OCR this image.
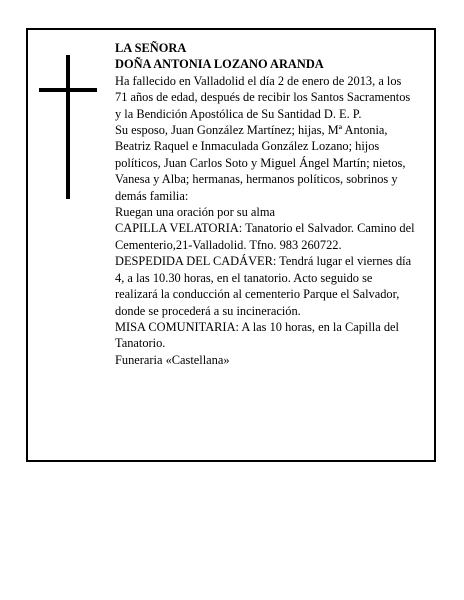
LA SEÑORA

DOÑA ANTONIA LOZANO ARANDA

Ha fallecido en Valladolid el día 2 de enero de 2013, a los 71 años de edad, después de recibir los Santos Sacramentos y la Bendición Apostólica de Su Santidad D. E. P.

Su esposo, Juan González Martínez; hijas, Mª Antonia, Beatriz Raquel e Inmaculada González Lozano; hijos políticos, Juan Carlos Soto y Miguel Ángel Martín; nietos, Vanesa y Alba; hermanas, hermanos políticos, sobrinos y demás familia:

Ruegan una oración por su alma

CAPILLA VELATORIA: Tanatorio el Salvador. Camino del Cementerio,21-Valladolid. Tfno. 983 260722.

DESPEDIDA DEL CADÁVER: Tendrá lugar el viernes día 4, a las 10.30 horas, en el tanatorio. Acto seguido se realizará la conducción al cementerio Parque el Salvador, donde se procederá a su incineración.

MISA COMUNITARIA: A las 10 horas, en la Capilla del Tanatorio.

Funeraria «Castellana»
